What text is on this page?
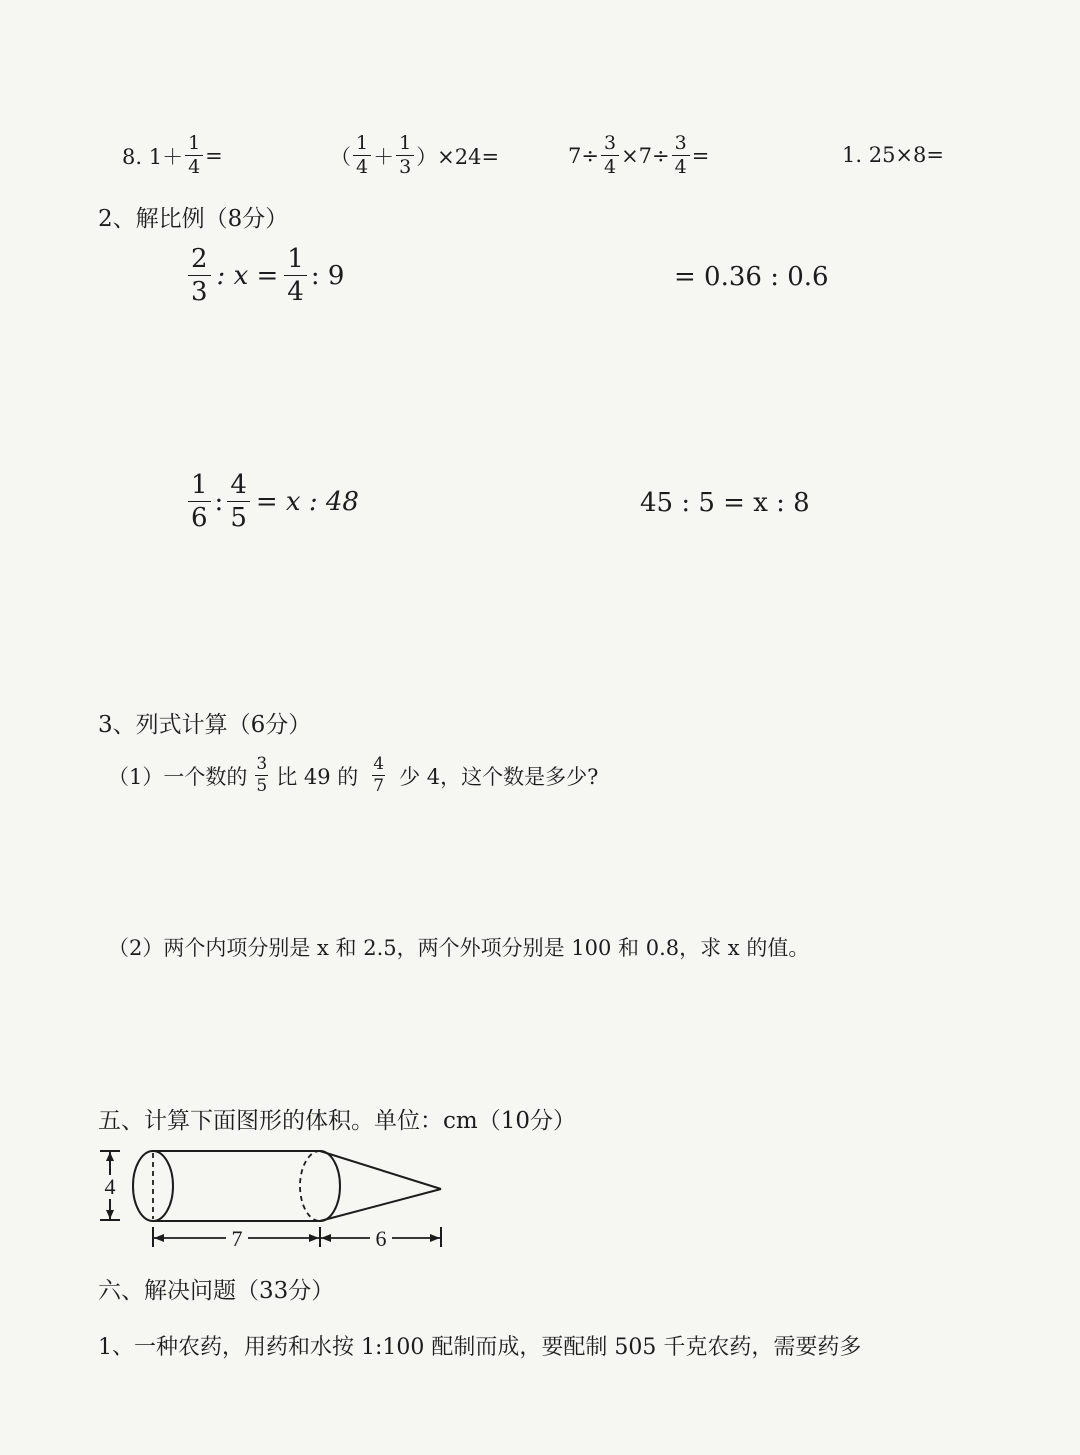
8. $1+ \frac{1}{4}$ =	（ $\frac{1}{4} + \frac{1}{3} )\times 24=$	$7\div \frac{3}{4} \times 7\div \frac{3}{4}$ =	1. 25×8=
2、解比例（8分）
$\frac{2}{3}$ : $x = \frac{1}{4}$ : 9	= 0.36 : 0.6
$\frac{1}{6}$ : $\frac{4}{5} = x$ : 48	45 : 5 = x : 8
3、列式计算（6分）
（1）一个数的 $\frac{3}{5}$ 比 49 的 $\frac{4}{7}$ 少 4，这个数是多少?
（2）两个内项分别是 x 和 2.5，两个外项分别是 100 和 0.8，求 x 的值。
五、计算下面图形的体积。单位：cm（10分）
4
7	6
六、解决问题（33分）
1、一种农药，用药和水按 1:100 配制而成，要配制 505 千克农药，需要药多
